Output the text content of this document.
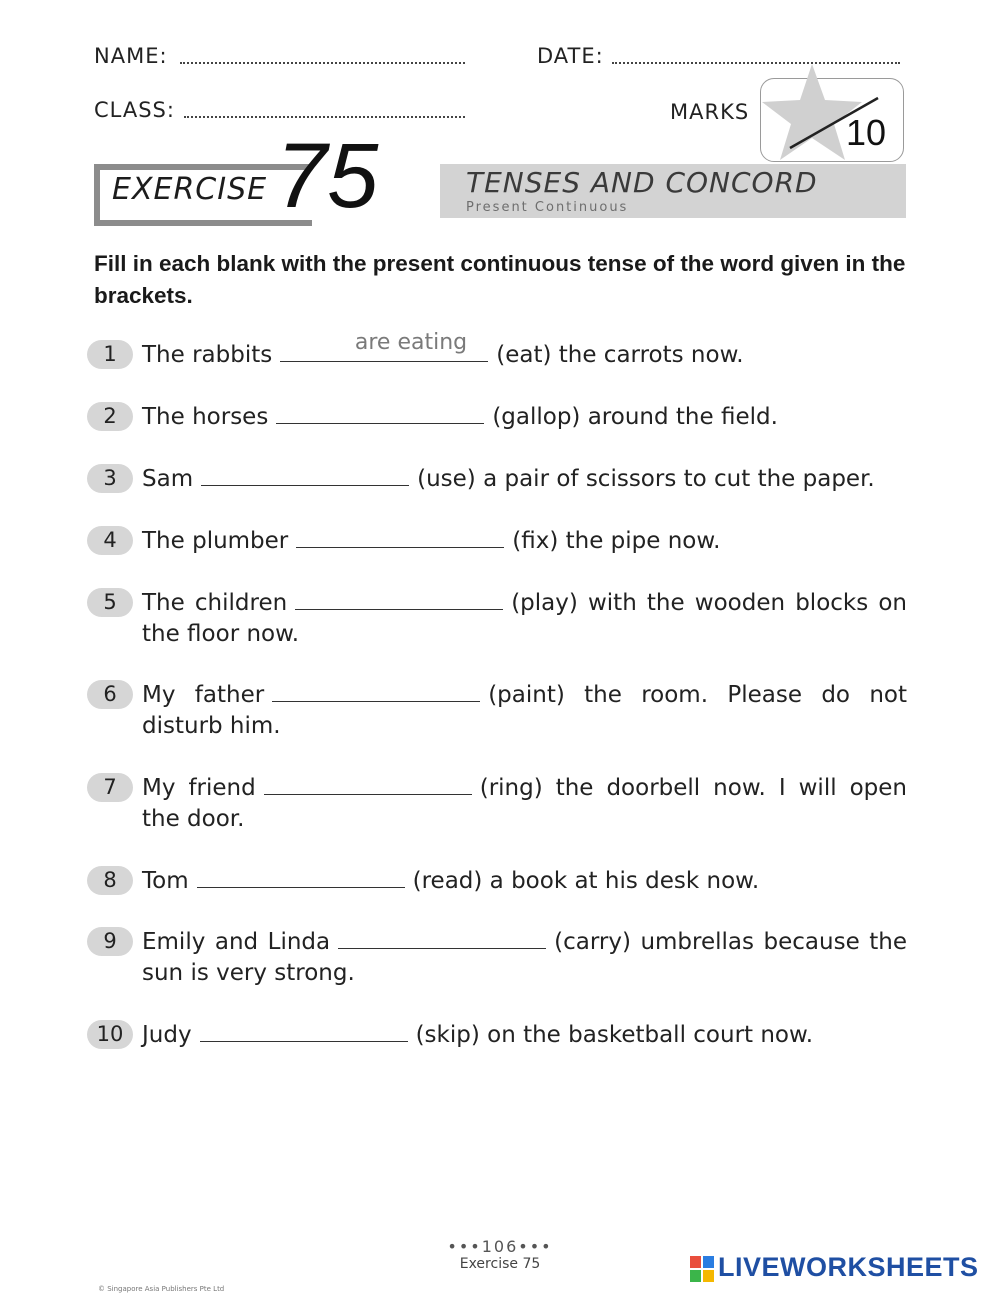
NAME:	DATE:
CLASS:	MARKS	10
EXERCISE 75	TENSES AND CONCORD
Present Continuous
Fill in each blank with the present continuous tense of the word given in the brackets.
1	The rabbits	(eat) the carrots now.
are eating
2	The horses	(gallop) around the field.
3	Sam	(use) a pair of scissors to cut the paper.
4	The plumber	(fix) the pipe now.
5	The children	(play) with the wooden blocks on the floor now.
6	My father	(paint) the room. Please do not disturb him.
7	My friend	(ring) the doorbell now. I will open the door.
8	Tom	(read) a book at his desk now.
9	Emily and Linda	(carry) umbrellas because the sun is very strong.
10 Judy	(skip) on the basketball court now.
•••106•••
Exercise 75
© Singapore Asia Publishers Pte Ltd
LIVEWORKSHEETS
